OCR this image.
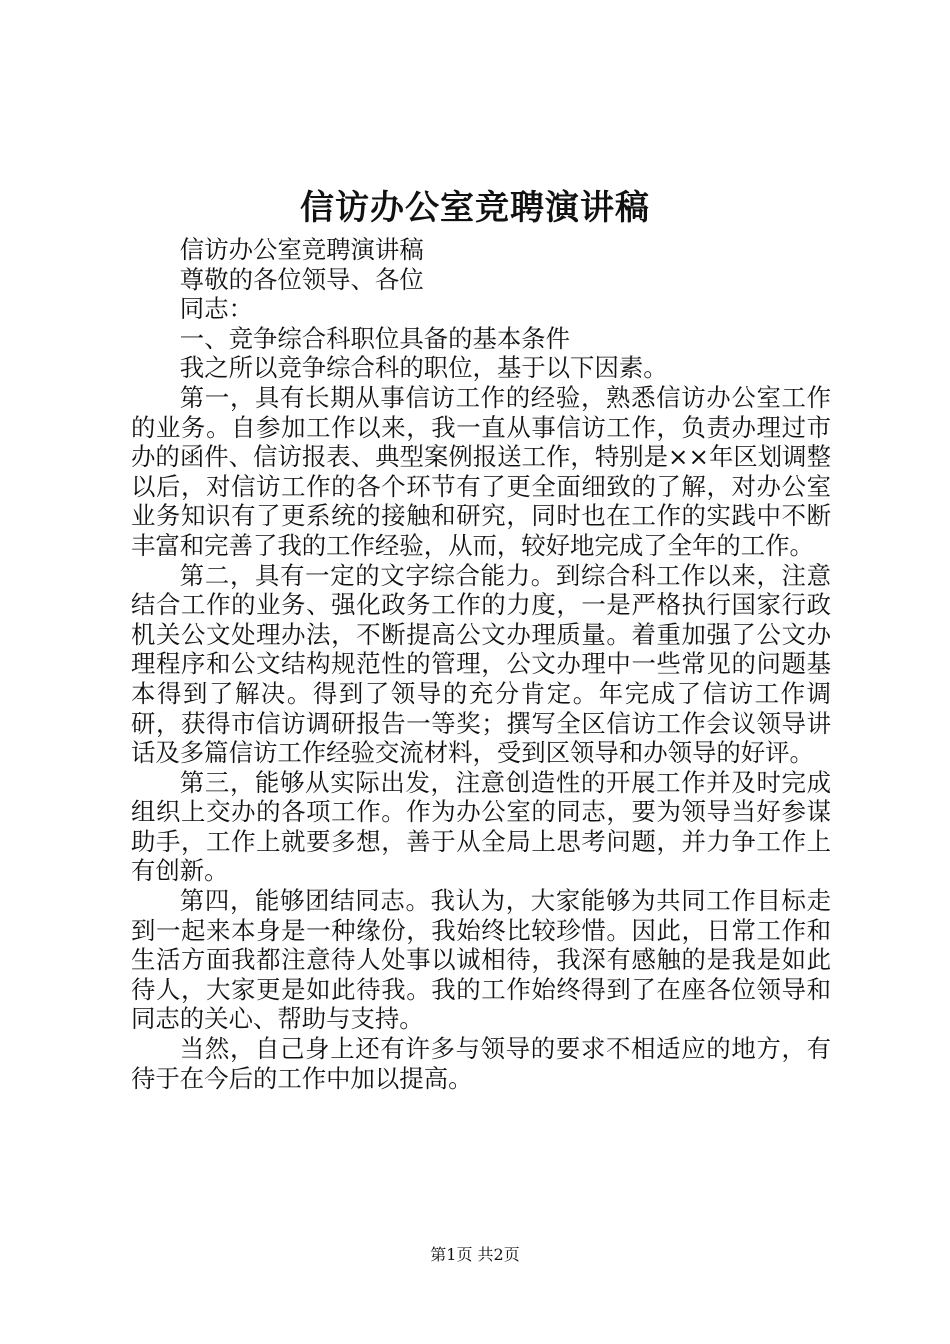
信访办公室竞聘演讲稿

信访办公室竞聘演讲稿

尊敬的各位领导、各位

同志：

一、竞争综合科职位具备的基本条件

我之所以竞争综合科的职位，基于以下因素。

第一，具有长期从事信访工作的经验，熟悉信访办公室工作的业务。自参加工作以来，我一直从事信访工作，负责办理过市办的函件、信访报表、典型案例报送工作，特别是××年区划调整以后，对信访工作的各个环节有了更全面细致的了解，对办公室业务知识有了更系统的接触和研究，同时也在工作的实践中不断丰富和完善了我的工作经验，从而，较好地完成了全年的工作。

第二，具有一定的文字综合能力。到综合科工作以来，注意结合工作的业务、强化政务工作的力度，一是严格执行国家行政机关公文处理办法，不断提高公文办理质量。着重加强了公文办理程序和公文结构规范性的管理，公文办理中一些常见的问题基本得到了解决。得到了领导的充分肯定。年完成了信访工作调研，获得市信访调研报告一等奖；撰写全区信访工作会议领导讲话及多篇信访工作经验交流材料，受到区领导和办领导的好评。

第三，能够从实际出发，注意创造性的开展工作并及时完成组织上交办的各项工作。作为办公室的同志，要为领导当好参谋助手，工作上就要多想，善于从全局上思考问题，并力争工作上有创新。

第四，能够团结同志。我认为，大家能够为共同工作目标走到一起来本身是一种缘份，我始终比较珍惜。因此，日常工作和生活方面我都注意待人处事以诚相待，我深有感触的是我是如此待人，大家更是如此待我。我的工作始终得到了在座各位领导和同志的关心、帮助与支持。

当然，自己身上还有许多与领导的要求不相适应的地方，有待于在今后的工作中加以提高。

第1页 共2页
